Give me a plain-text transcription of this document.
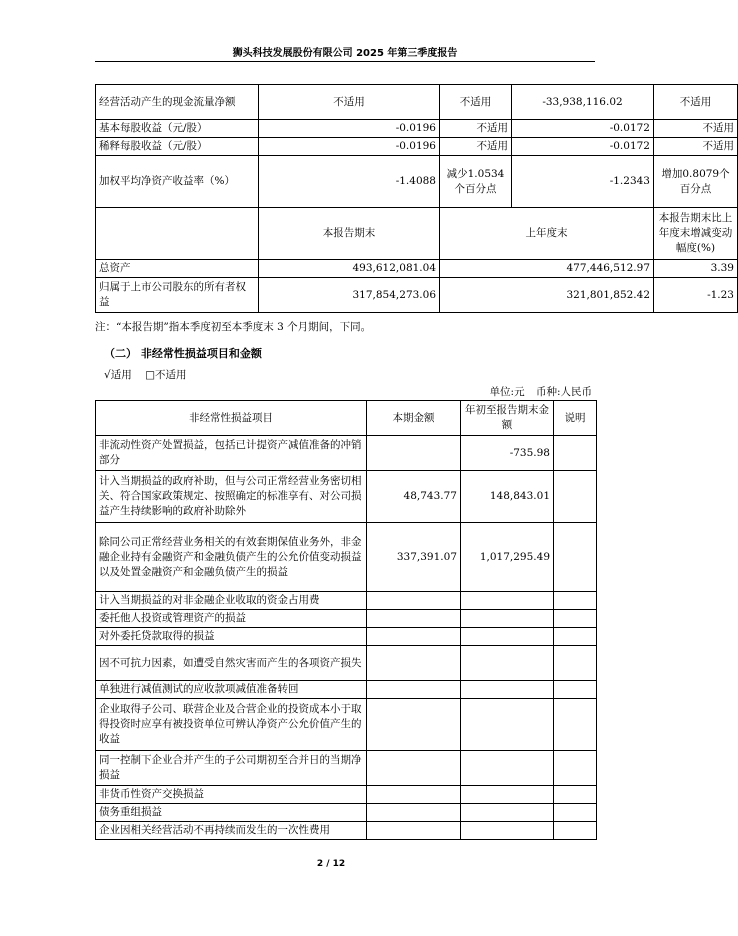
狮头科技发展股份有限公司 2025 年第三季度报告
经营活动产生的现金流量净额	不适用	不适用	-33,938,116.02	不适用
基本每股收益（元/股）	-0.0196	不适用	-0.0172	不适用
稀释每股收益（元/股）	-0.0196	不适用	-0.0172	不适用
加权平均净资产收益率（%）	-1.4088	减少1.0534个百分点	-1.2343	增加0.8079个百分点
	本报告期末	上年度末		本报告期末比上年度末增减变动幅度(%)
总资产	493,612,081.04	477,446,512.97		3.39
归属于上市公司股东的所有者权益	317,854,273.06	321,801,852.42		-1.23
注：“本报告期”指本季度初至本季度末 3 个月期间，下同。
（二） 非经常性损益项目和金额
√适用 □不适用
单位:元 币种:人民币
非经常性损益项目	本期金额	年初至报告期末金额	说明
非流动性资产处置损益，包括已计提资产减值准备的冲销部分		-735.98	
计入当期损益的政府补助，但与公司正常经营业务密切相关、符合国家政策规定、按照确定的标准享有、对公司损益产生持续影响的政府补助除外	48,743.77	148,843.01	
除同公司正常经营业务相关的有效套期保值业务外，非金融企业持有金融资产和金融负债产生的公允价值变动损益以及处置金融资产和金融负债产生的损益	337,391.07	1,017,295.49	
计入当期损益的对非金融企业收取的资金占用费			
委托他人投资或管理资产的损益			
对外委托贷款取得的损益			
因不可抗力因素，如遭受自然灾害而产生的各项资产损失			
单独进行减值测试的应收款项减值准备转回			
企业取得子公司、联营企业及合营企业的投资成本小于取得投资时应享有被投资单位可辨认净资产公允价值产生的收益			
同一控制下企业合并产生的子公司期初至合并日的当期净损益			
非货币性资产交换损益			
债务重组损益			
企业因相关经营活动不再持续而发生的一次性费用			
2 / 12
